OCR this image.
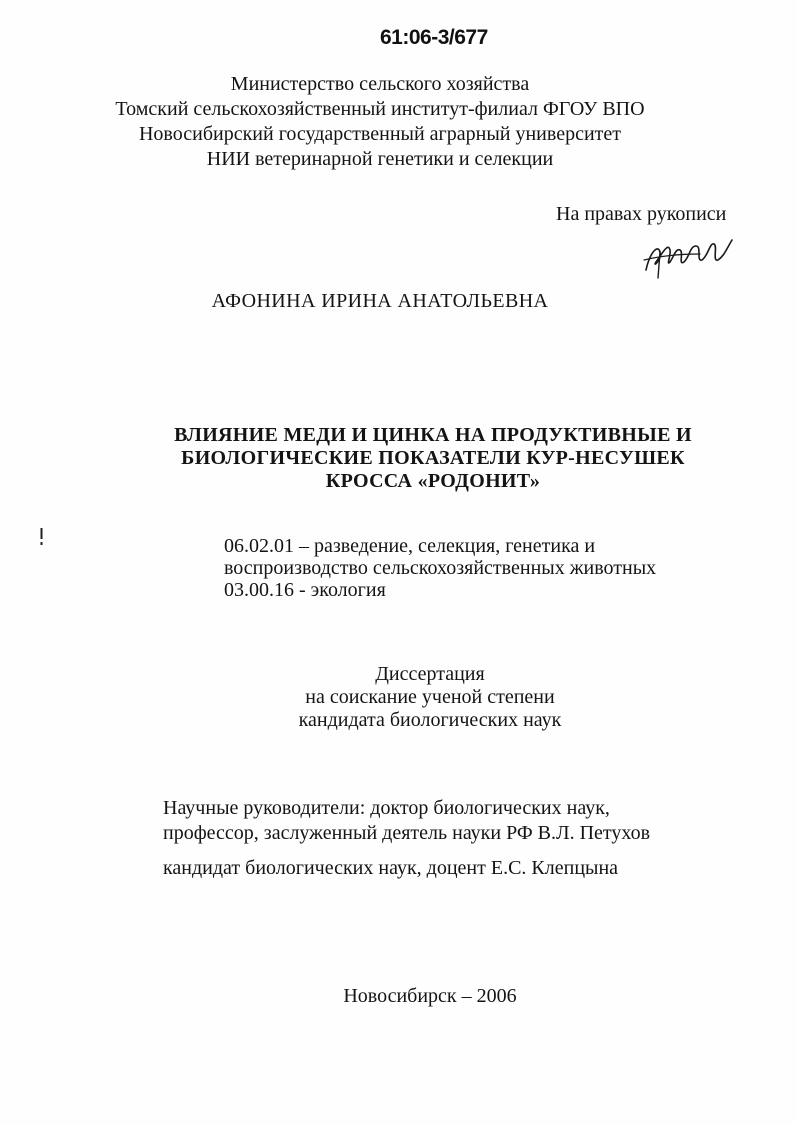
61:06-3/677
Министерство сельского хозяйства
Томский сельскохозяйственный институт-филиал ФГОУ ВПО
Новосибирский государственный аграрный университет
НИИ ветеринарной генетики и селекции
На правах рукописи
АФОНИНА ИРИНА АНАТОЛЬЕВНА
ВЛИЯНИЕ МЕДИ И ЦИНКА НА ПРОДУКТИВНЫЕ И
БИОЛОГИЧЕСКИЕ ПОКАЗАТЕЛИ КУР-НЕСУШЕК
КРОССА «РОДОНИТ»
06.02.01 – разведение, селекция, генетика и
воспроизводство сельскохозяйственных животных
03.00.16 - экология
Диссертация
на соискание ученой степени
кандидата биологических наук
Научные руководители: доктор биологических наук,
профессор, заслуженный деятель науки РФ В.Л. Петухов
кандидат биологических наук, доцент Е.С. Клепцына
Новосибирск – 2006
